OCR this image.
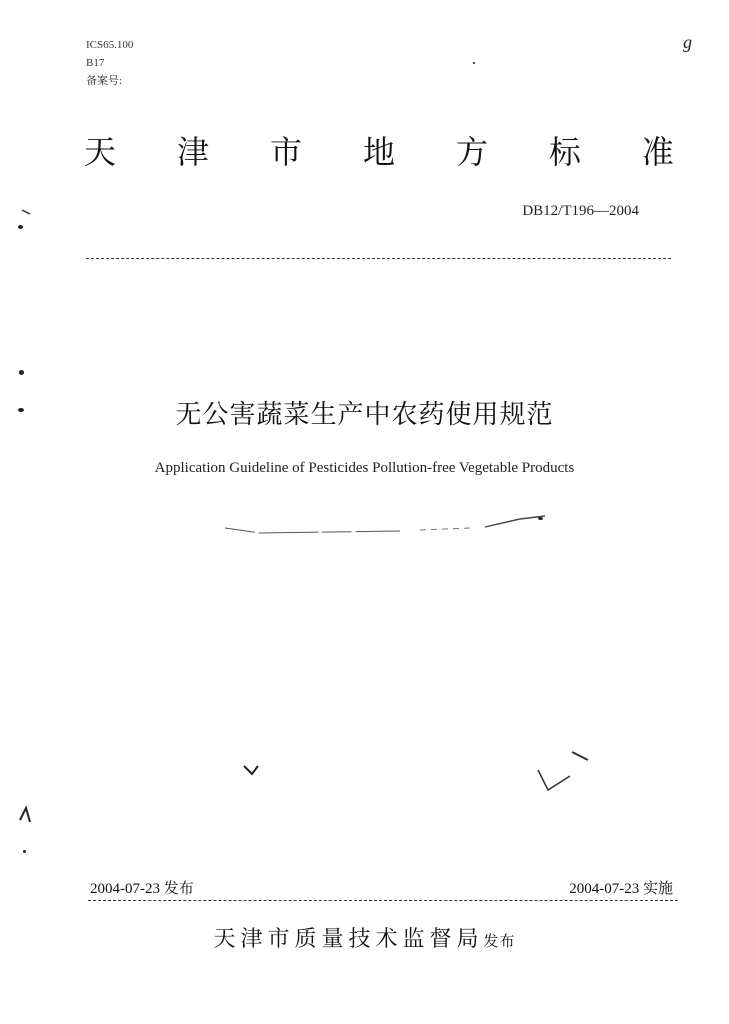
ICS65.100
B17
备案号:
g
天 津 市 地 方 标 准
DB12/T196—2004
无公害蔬菜生产中农药使用规范
Application Guideline of Pesticides Pollution-free Vegetable Products
2004-07-23 发布	2004-07-23 实施
天津市质量技术监督局发布
